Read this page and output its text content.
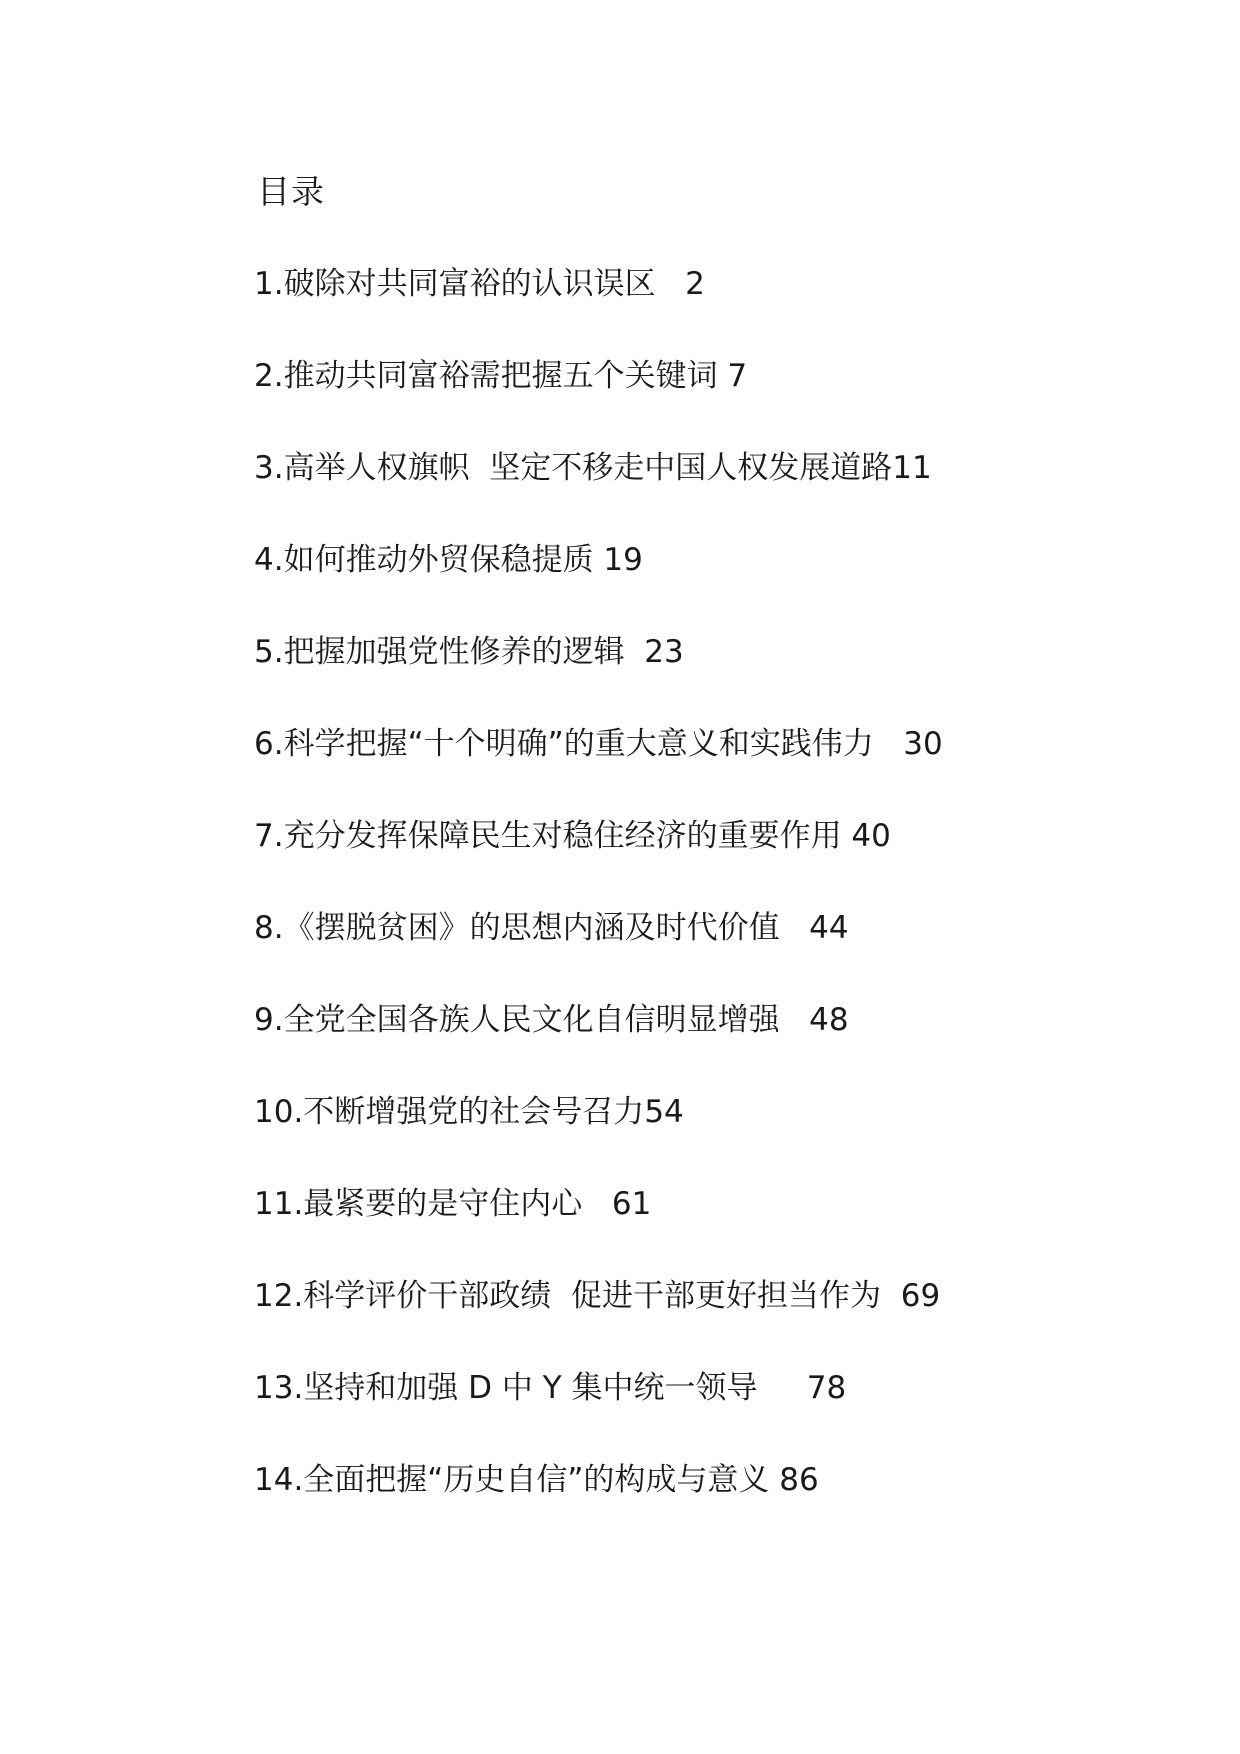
目录
1.破除对共同富裕的认识误区   2
2.推动共同富裕需把握五个关键词 7
3.高举人权旗帜  坚定不移走中国人权发展道路11
4.如何推动外贸保稳提质 19
5.把握加强党性修养的逻辑  23
6.科学把握“十个明确”的重大意义和实践伟力   30
7.充分发挥保障民生对稳住经济的重要作用 40
8.《摆脱贫困》的思想内涵及时代价值   44
9.全党全国各族人民文化自信明显增强   48
10.不断增强党的社会号召力54
11.最紧要的是守住内心   61
12.科学评价干部政绩  促进干部更好担当作为  69
13.坚持和加强 D 中 Y 集中统一领导     78
14.全面把握“历史自信”的构成与意义 86
